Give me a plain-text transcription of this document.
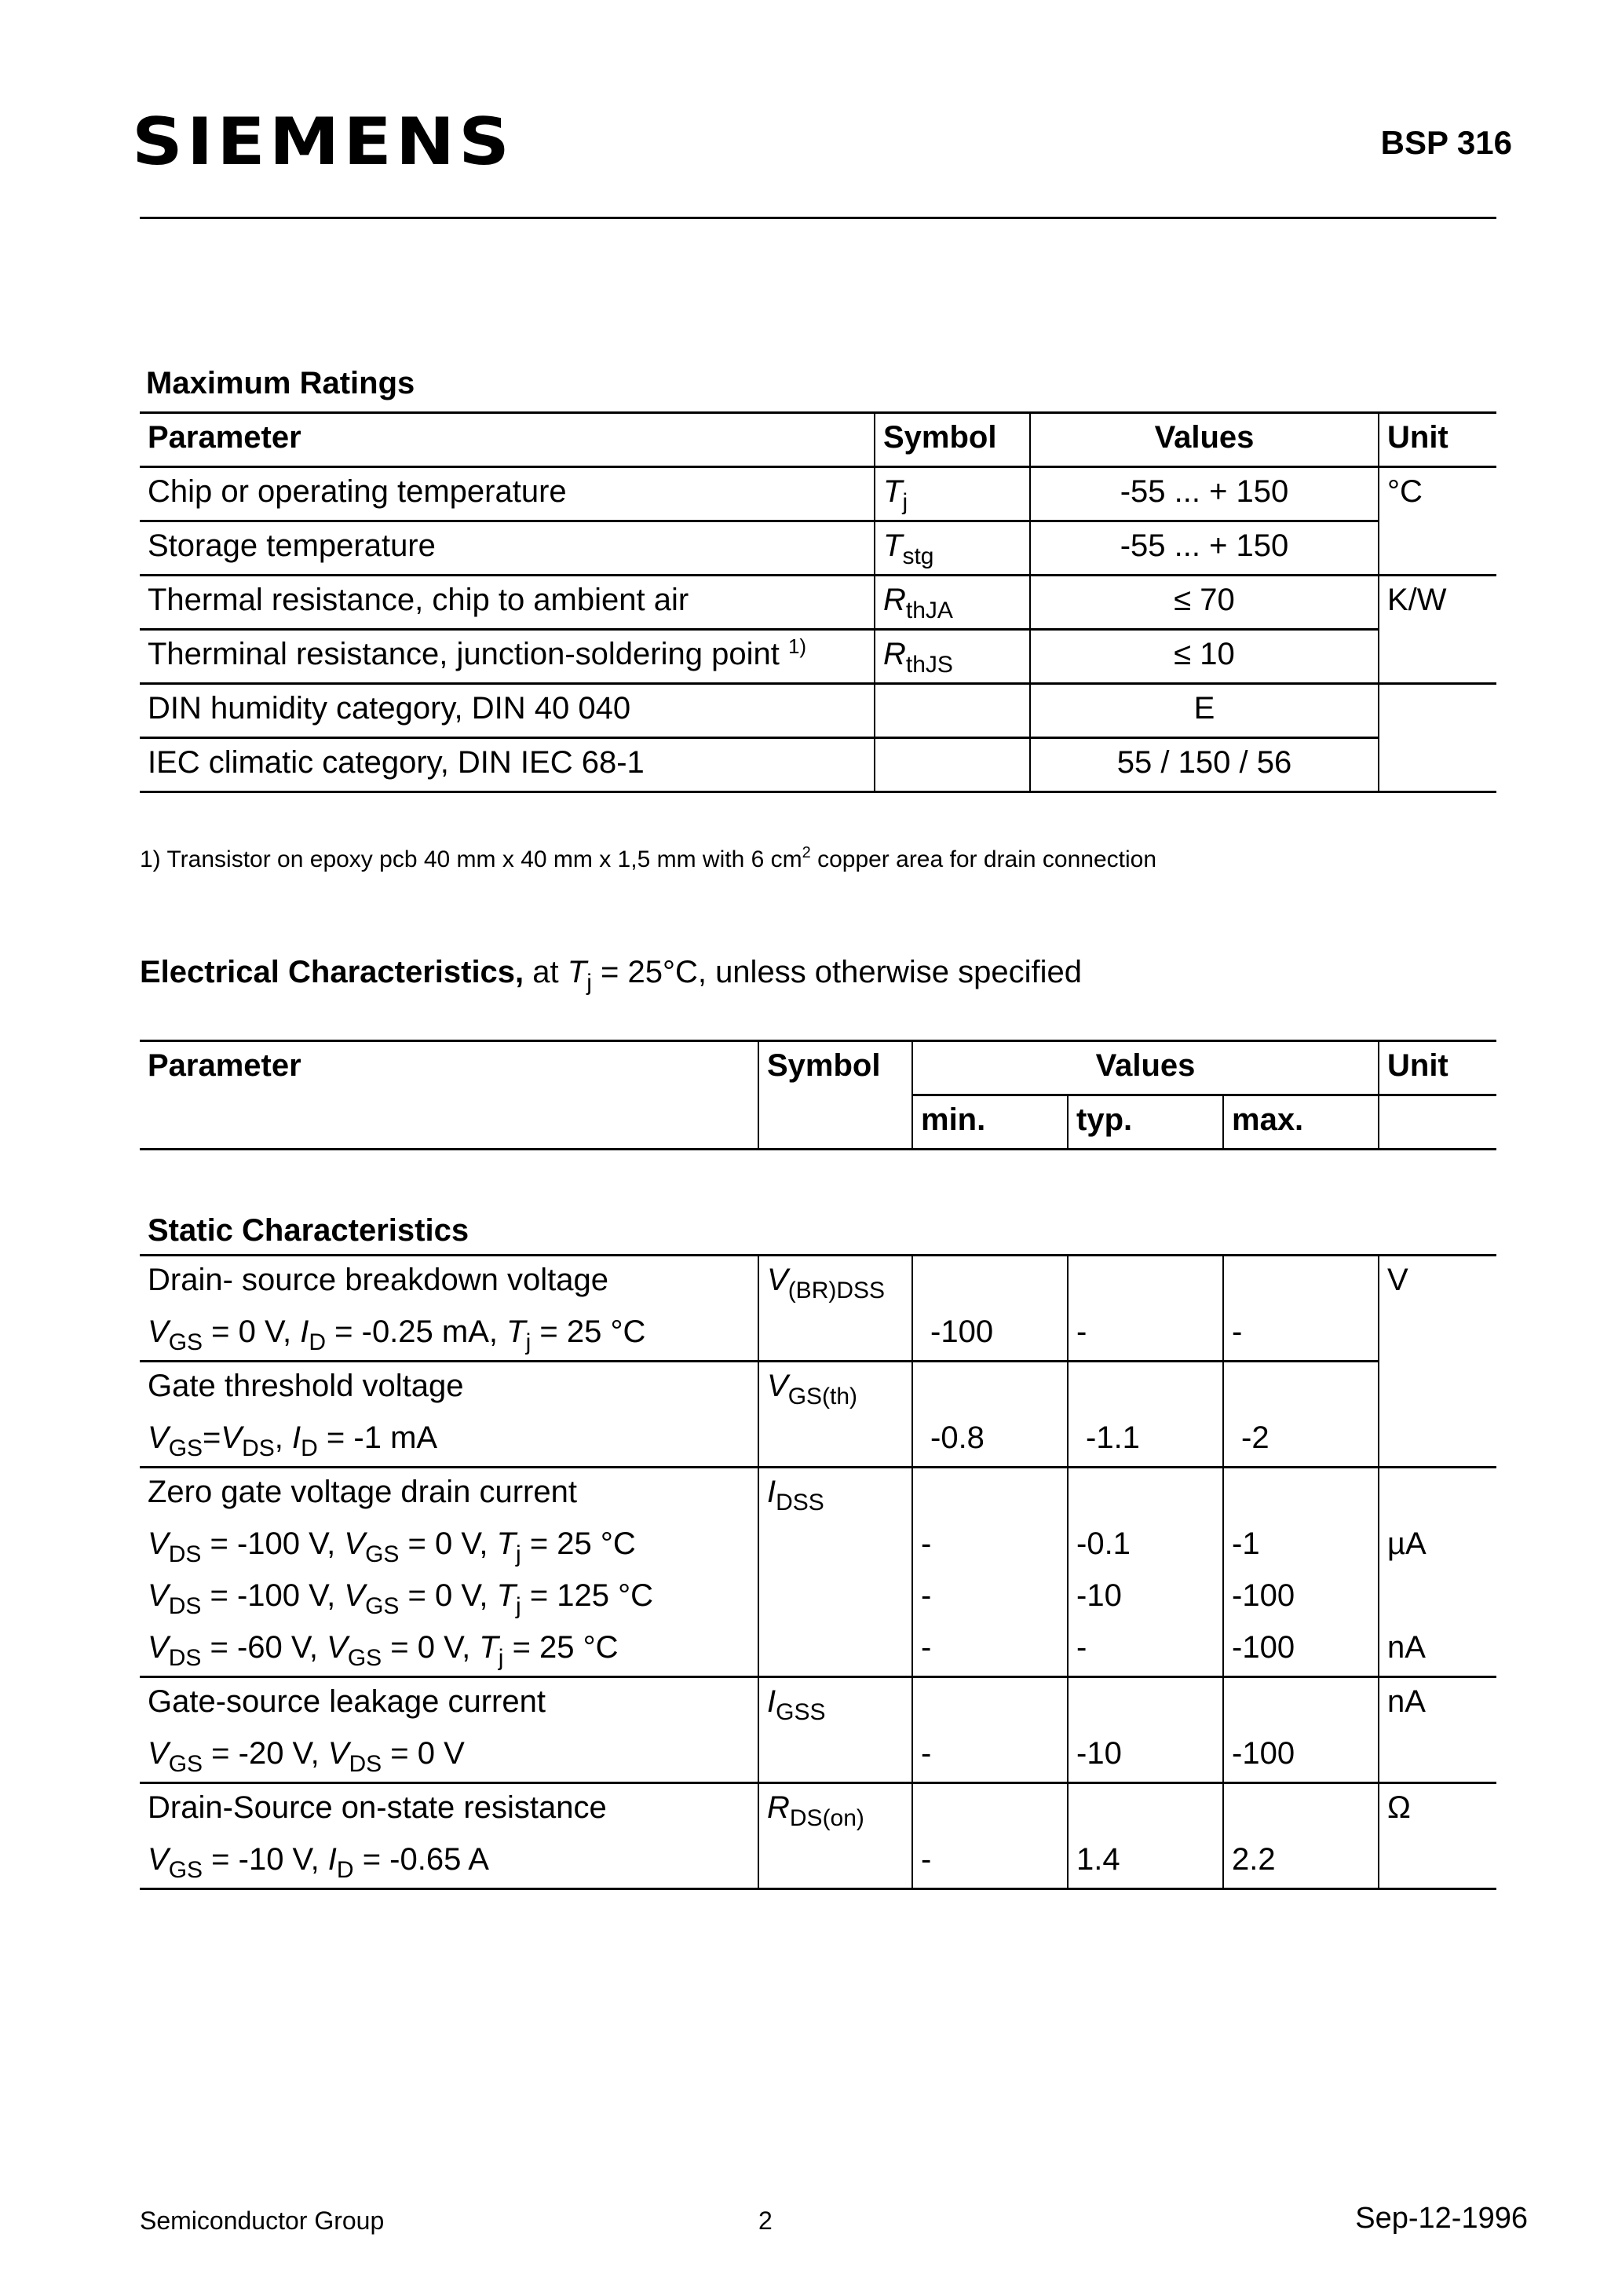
SIEMENS	BSP 316
Maximum Ratings
Parameter	Symbol	Values	Unit
Chip or operating temperature	$T_j$	-55 ... + 150	°C
Storage temperature	$T_{stg}$	-55 ... + 150	
Thermal resistance, chip to ambient air	$R_{thJA}$	≤ 70	K/W
Therminal resistance, junction-soldering point $^{1)}$	$R_{thJS}$	≤ 10	
DIN humidity category, DIN 40 040		E	
IEC climatic category, DIN IEC 68-1		55 / 150 / 56	
1) Transistor on epoxy pcb 40 mm x 40 mm x 1,5 mm with 6 $cm^2$ copper area for drain connection
Electrical Characteristics, at $T_j = 25^\circ C$, unless otherwise specified
Parameter	Symbol	Values			Unit
		min.	typ.	max.	
Static Characteristics					
Drain- source breakdown voltage	$V_{(BR)DSS}$				V
$V_{GS} = 0$ V, $I_D = -0.25$ mA, $T_j = 25$ °C		-100	-	-	
Gate threshold voltage	$V_{GS(th)}$				
$V_{GS}=V_{DS}$, $I_D = -1$ mA		-0.8	-1.1	-2	
Zero gate voltage drain current	$I_{DSS}$				
$V_{DS} = -100$ V, $V_{GS} = 0$ V, $T_j = 25$ °C		-	-0.1	-1	µA
$V_{DS} = -100$ V, $V_{GS} = 0$ V, $T_j = 125$ °C		-	-10	-100	
$V_{DS} = -60$ V, $V_{GS} = 0$ V, $T_j = 25$ °C		-	-	-100	nA
Gate-source leakage current	$I_{GSS}$				nA
$V_{GS} = -20$ V, $V_{DS} = 0$ V		-	-10	-100	
Drain-Source on-state resistance	$R_{DS(on)}$				Ω
$V_{GS} = -10$ V, $I_D = -0.65$ A		-	1.4	2.2	
Semiconductor Group	2	Sep-12-1996
